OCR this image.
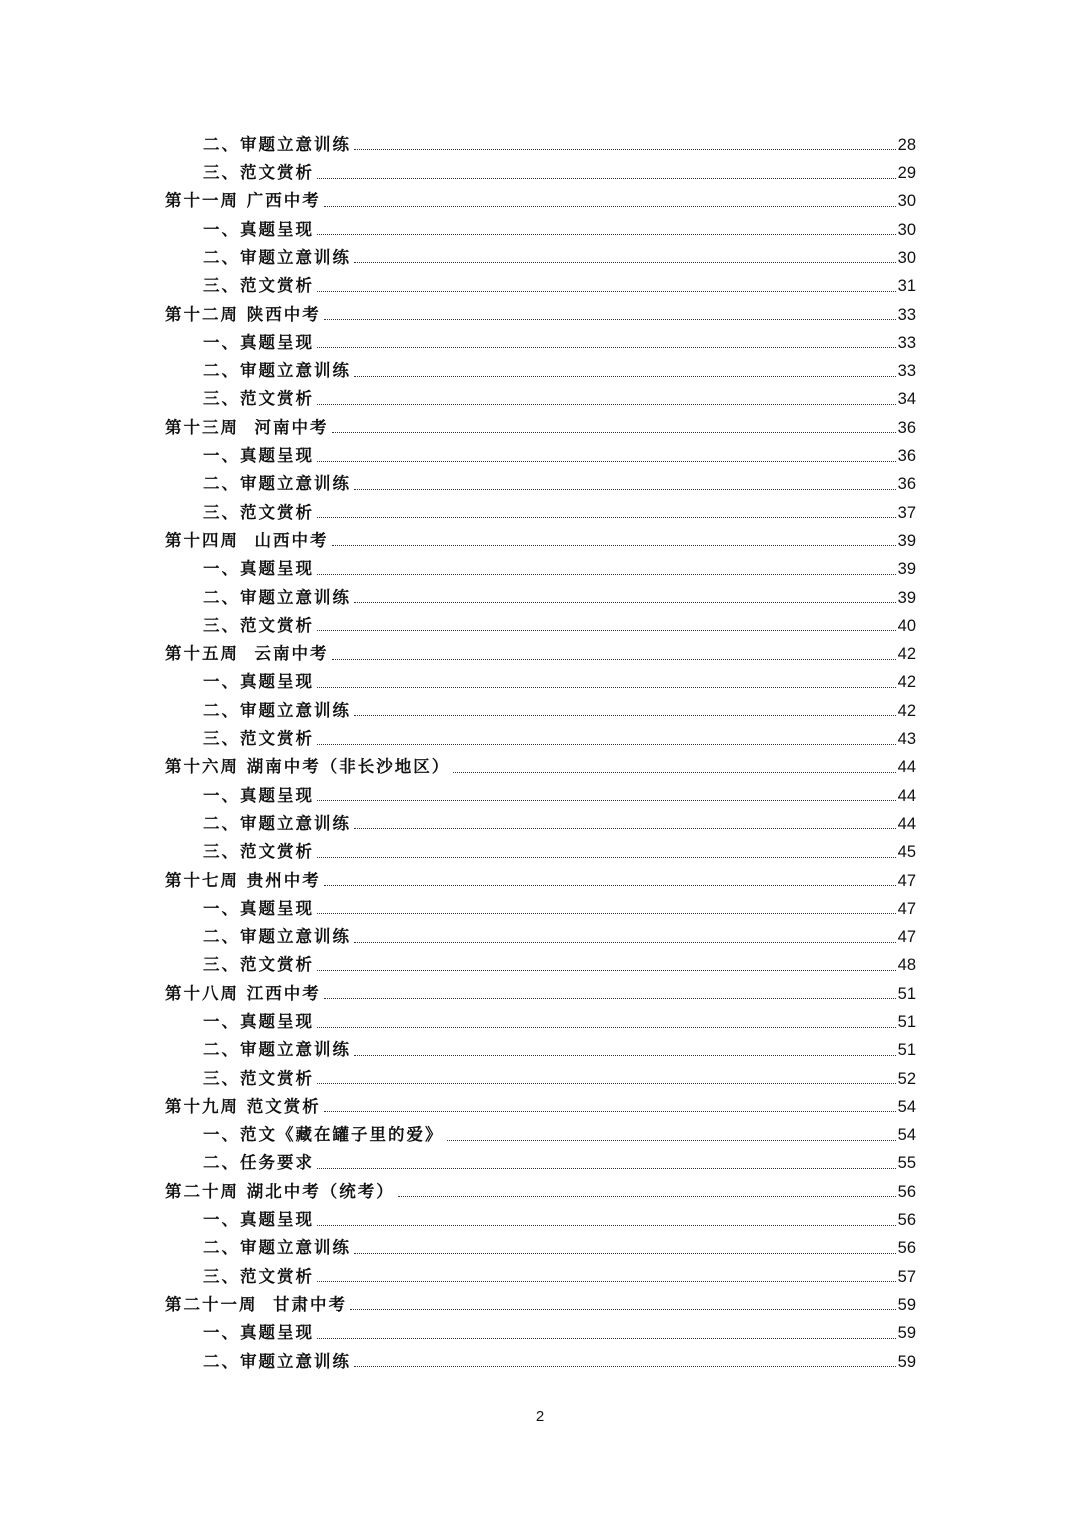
二、审题立意训练	28
三、范文赏析	29
第十一周 广西中考	30
一、真题呈现	30
二、审题立意训练	30
三、范文赏析	31
第十二周 陕西中考	33
一、真题呈现	33
二、审题立意训练	33
三、范文赏析	34
第十三周  河南中考	36
一、真题呈现	36
二、审题立意训练	36
三、范文赏析	37
第十四周  山西中考	39
一、真题呈现	39
二、审题立意训练	39
三、范文赏析	40
第十五周  云南中考	42
一、真题呈现	42
二、审题立意训练	42
三、范文赏析	43
第十六周 湖南中考（非长沙地区）	44
一、真题呈现	44
二、审题立意训练	44
三、范文赏析	45
第十七周 贵州中考	47
一、真题呈现	47
二、审题立意训练	47
三、范文赏析	48
第十八周 江西中考	51
一、真题呈现	51
二、审题立意训练	51
三、范文赏析	52
第十九周 范文赏析	54
一、范文《藏在罐子里的爱》	54
二、任务要求	55
第二十周 湖北中考（统考）	56
一、真题呈现	56
二、审题立意训练	56
三、范文赏析	57
第二十一周  甘肃中考	59
一、真题呈现	59
二、审题立意训练	59
2
